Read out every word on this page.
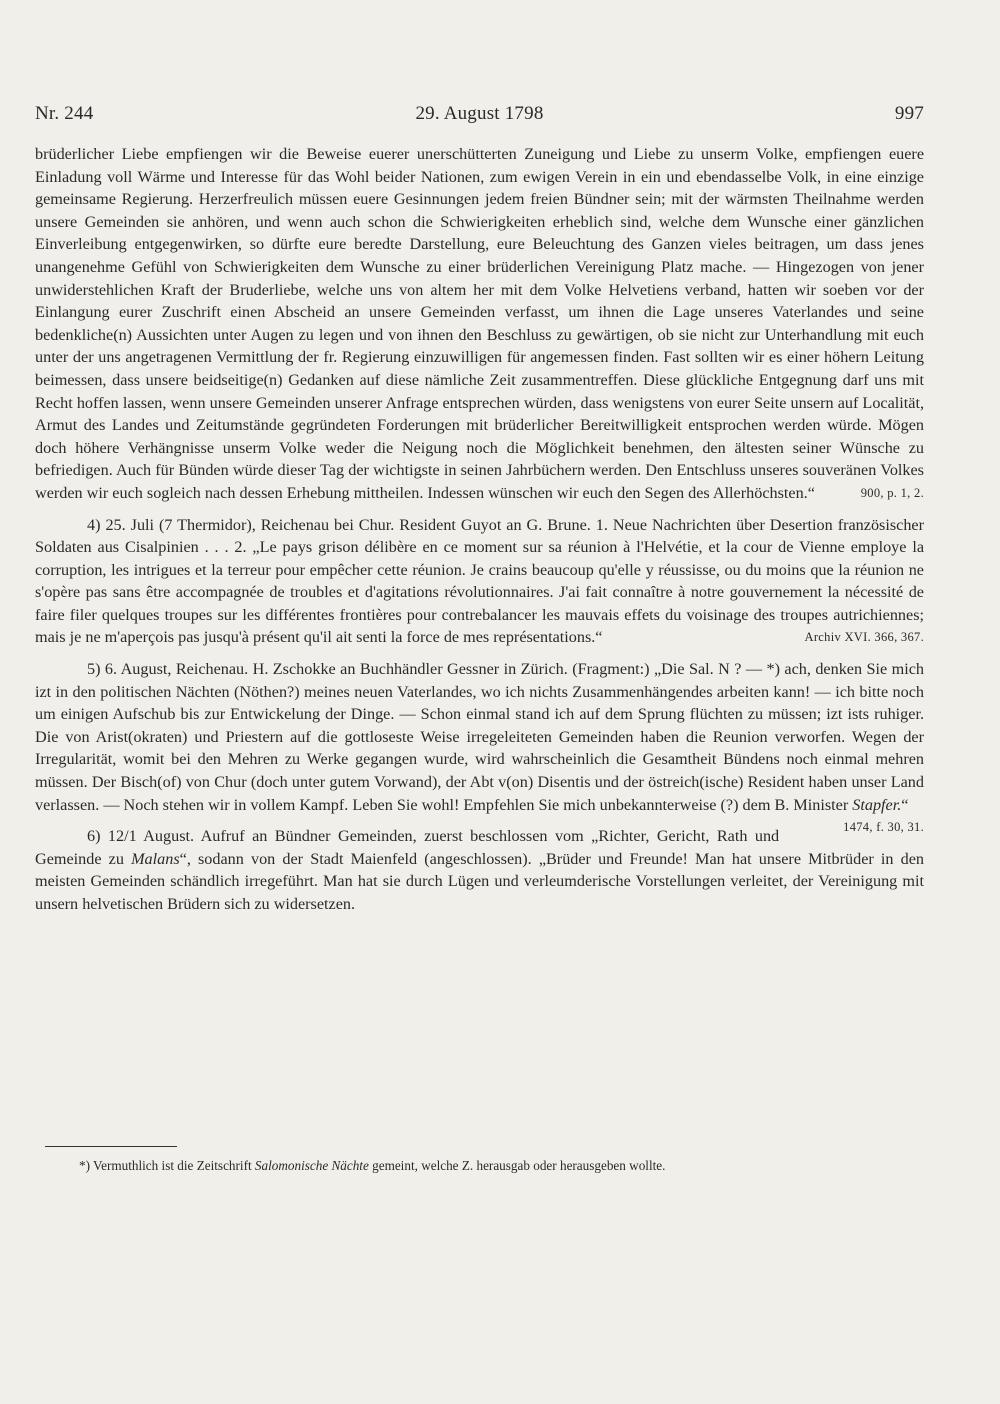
Nr. 244	29. August 1798	997

brüderlicher Liebe empfiengen wir die Beweise euerer unerschütterten Zuneigung und Liebe zu unserm Volke, empfiengen euere Einladung voll Wärme und Interesse für das Wohl beider Nationen, zum ewigen Verein in ein und ebendasselbe Volk, in eine einzige gemeinsame Regierung. Herzerfreulich müssen euere Gesinnungen jedem freien Bündner sein; mit der wärmsten Theilnahme werden unsere Gemeinden sie anhören, und wenn auch schon die Schwierigkeiten erheblich sind, welche dem Wunsche einer gänzlichen Einverleibung entgegenwirken, so dürfte eure beredte Darstellung, eure Beleuchtung des Ganzen vieles beitragen, um dass jenes unangenehme Gefühl von Schwierigkeiten dem Wunsche zu einer brüderlichen Vereinigung Platz mache. — Hingezogen von jener unwiderstehlichen Kraft der Bruderliebe, welche uns von altem her mit dem Volke Helvetiens verband, hatten wir soeben vor der Einlangung eurer Zuschrift einen Abscheid an unsere Gemeinden verfasst, um ihnen die Lage unseres Vaterlandes und seine bedenkliche(n) Aussichten unter Augen zu legen und von ihnen den Beschluss zu gewärtigen, ob sie nicht zur Unterhandlung mit euch unter der uns angetragenen Vermittlung der fr. Regierung einzuwilligen für angemessen finden. Fast sollten wir es einer höhern Leitung beimessen, dass unsere beidseitige(n) Gedanken auf diese nämliche Zeit zusammentreffen. Diese glückliche Entgegnung darf uns mit Recht hoffen lassen, wenn unsere Gemeinden unserer Anfrage entsprechen würden, dass wenigstens von eurer Seite unsern auf Localität, Armut des Landes und Zeitumstände gegründeten Forderungen mit brüderlicher Bereitwilligkeit entsprochen werden würde. Mögen doch höhere Verhängnisse unserm Volke weder die Neigung noch die Möglichkeit benehmen, den ältesten seiner Wünsche zu befriedigen. Auch für Bünden würde dieser Tag der wichtigste in seinen Jahrbüchern werden. Den Entschluss unseres souveränen Volkes werden wir euch sogleich nach dessen Erhebung mittheilen. Indessen wünschen wir euch den Segen des Allerhöchsten.“	900, p. 1, 2.

4) 25. Juli (7 Thermidor), Reichenau bei Chur. Resident Guyot an G. Brune. 1. Neue Nachrichten über Desertion französischer Soldaten aus Cisalpinien . . . 2. „Le pays grison délibère en ce moment sur sa réunion à l'Helvétie, et la cour de Vienne employe la corruption, les intrigues et la terreur pour empêcher cette réunion. Je crains beaucoup qu'elle y réussisse, ou du moins que la réunion ne s'opère pas sans être accompagnée de troubles et d'agitations révolutionnaires. J'ai fait connaître à notre gouvernement la nécessité de faire filer quelques troupes sur les différentes frontières pour contrebalancer les mauvais effets du voisinage des troupes autrichiennes; mais je ne m'aperçois pas jusqu'à présent qu'il ait senti la force de mes représentations.“	Archiv XVI. 366, 367.

5) 6. August, Reichenau. H. Zschokke an Buchhändler Gessner in Zürich. (Fragment:) „Die Sal. N ? — *) ach, denken Sie mich izt in den politischen Nächten (Nöthen?) meines neuen Vaterlandes, wo ich nichts Zusammenhängendes arbeiten kann! — ich bitte noch um einigen Aufschub bis zur Entwickelung der Dinge. — Schon einmal stand ich auf dem Sprung flüchten zu müssen; izt ists ruhiger. Die von Arist(okraten) und Priestern auf die gottloseste Weise irregeleiteten Gemeinden haben die Reunion verworfen. Wegen der Irregularität, womit bei den Mehren zu Werke gegangen wurde, wird wahrscheinlich die Gesamtheit Bündens noch einmal mehren müssen. Der Bisch(of) von Chur (doch unter gutem Vorwand), der Abt v(on) Disentis und der östreich(ische) Resident haben unser Land verlassen. — Noch stehen wir in vollem Kampf. Leben Sie wohl! Empfehlen Sie mich unbekannterweise (?) dem B. Minister Stapfer.“
1474, f. 30, 31.

6) 12/1 August. Aufruf an Bündner Gemeinden, zuerst beschlossen vom „Richter, Gericht, Rath und Gemeinde zu Malans“, sodann von der Stadt Maienfeld (angeschlossen). „Brüder und Freunde! Man hat unsere Mitbrüder in den meisten Gemeinden schändlich irregeführt. Man hat sie durch Lügen und verleumderische Vorstellungen verleitet, der Vereinigung mit unsern helvetischen Brüdern sich zu widersetzen.

*) Vermuthlich ist die Zeitschrift Salomonische Nächte gemeint, welche Z. herausgab oder herausgeben wollte.
